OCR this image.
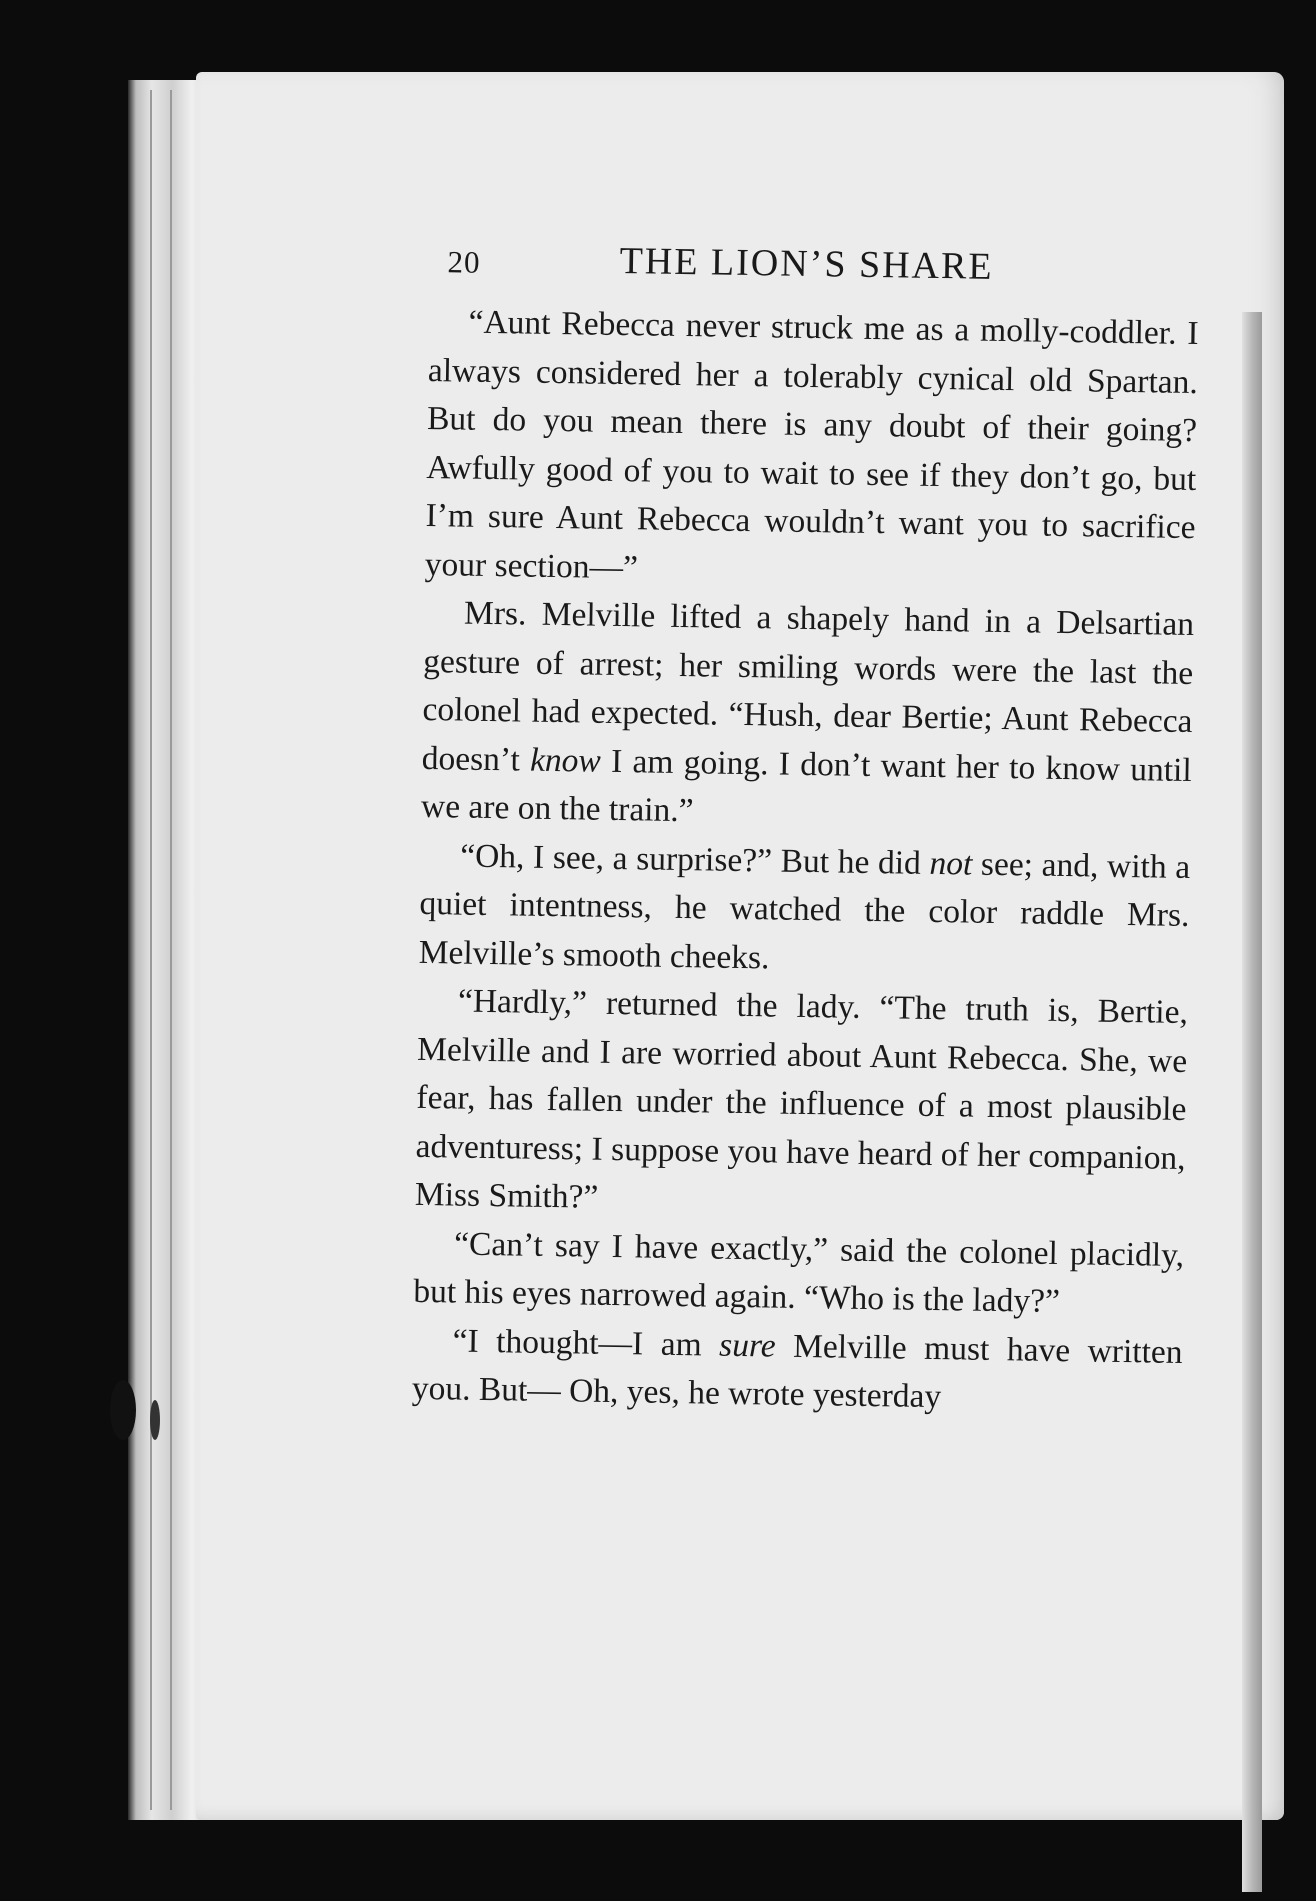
20	THE LION’S SHARE

“Aunt Rebecca never struck me as a molly-coddler. I always considered her a tolerably cynical old Spartan. But do you mean there is any doubt of their going? Awfully good of you to wait to see if they don’t go, but I’m sure Aunt Rebecca wouldn’t want you to sacrifice your section—”

Mrs. Melville lifted a shapely hand in a Delsartian gesture of arrest; her smiling words were the last the colonel had expected. “Hush, dear Bertie; Aunt Rebecca doesn’t know I am going. I don’t want her to know until we are on the train.”

“Oh, I see, a surprise?” But he did not see; and, with a quiet intentness, he watched the color raddle Mrs. Melville’s smooth cheeks.

“Hardly,” returned the lady. “The truth is, Bertie, Melville and I are worried about Aunt Rebecca. She, we fear, has fallen under the influence of a most plausible adventuress; I suppose you have heard of her companion, Miss Smith?”

“Can’t say I have exactly,” said the colonel placidly, but his eyes narrowed again. “Who is the lady?”

“I thought—I am sure Melville must have written you. But— Oh, yes, he wrote yesterday
